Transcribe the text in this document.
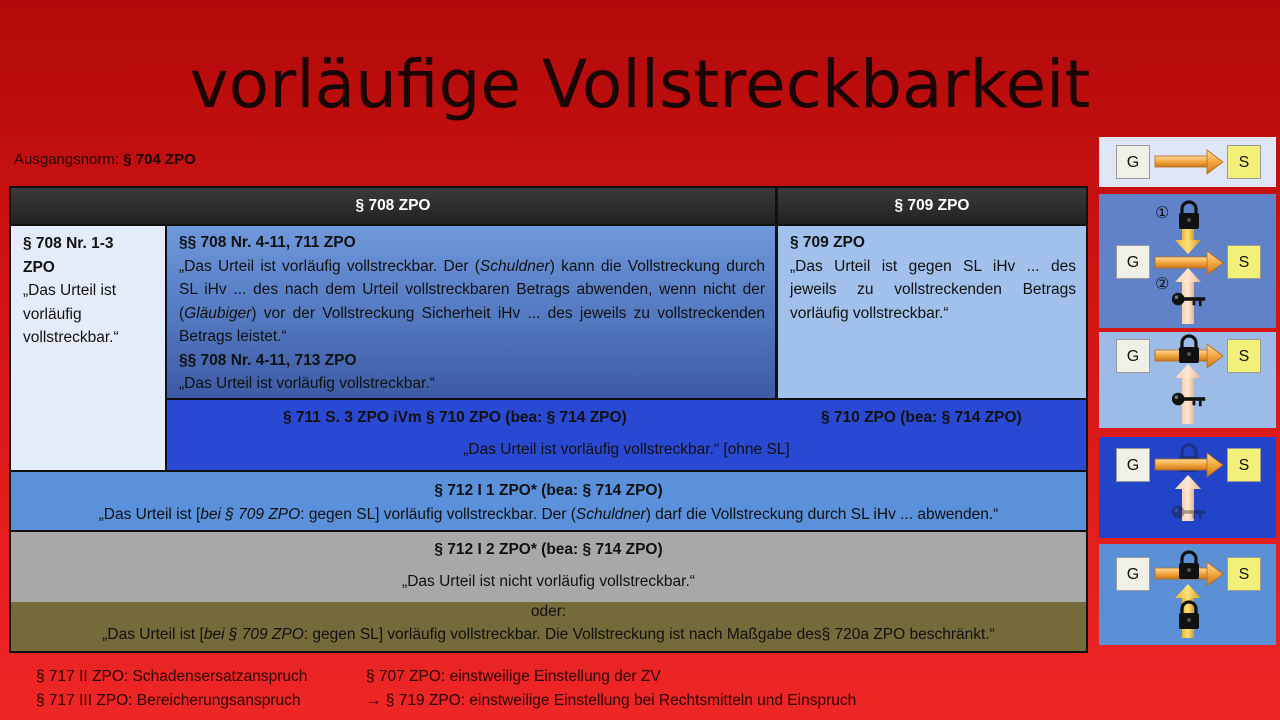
vorläufige Vollstreckbarkeit
Ausgangsnorm: § 704 ZPO
§ 708 ZPO	§ 709 ZPO
§ 708 Nr. 1-3 ZPO
„Das Urteil ist vorläufig vollstreckbar.“
§§ 708 Nr. 4-11, 711 ZPO
„Das Urteil ist vorläufig vollstreckbar. Der (Schuldner) kann die Vollstreckung durch SL iHv ... des nach dem Urteil vollstreckbaren Betrags abwenden, wenn nicht der (Gläubiger) vor der Vollstreckung Sicherheit iHv ... des jeweils zu vollstreckenden Betrags leistet.“
§§ 708 Nr. 4-11, 713 ZPO
„Das Urteil ist vorläufig vollstreckbar.“
§ 709 ZPO
„Das Urteil ist gegen SL iHv ... des jeweils zu vollstreckenden Betrags vorläufig vollstreckbar.“
§ 711 S. 3 ZPO iVm § 710 ZPO (bea: § 714 ZPO)	§ 710 ZPO (bea: § 714 ZPO)
„Das Urteil ist vorläufig vollstreckbar.“ [ohne SL]
§ 712 I 1 ZPO* (bea: § 714 ZPO)
„Das Urteil ist [bei § 709 ZPO: gegen SL] vorläufig vollstreckbar. Der (Schuldner) darf die Vollstreckung durch SL iHv ... abwenden.“
§ 712 I 2 ZPO* (bea: § 714 ZPO)
„Das Urteil ist nicht vorläufig vollstreckbar.“
oder:
„Das Urteil ist [bei § 709 ZPO: gegen SL] vorläufig vollstreckbar. Die Vollstreckung ist nach Maßgabe des§ 720a ZPO beschränkt.“
§ 717 II ZPO: Schadensersatzanspruch
§ 717 III ZPO: Bereicherungsanspruch
§ 707 ZPO: einstweilige Einstellung der ZV
→ § 719 ZPO: einstweilige Einstellung bei Rechtsmitteln und Einspruch
G	S
G	S
①
②
G	S
G	S
G	S
